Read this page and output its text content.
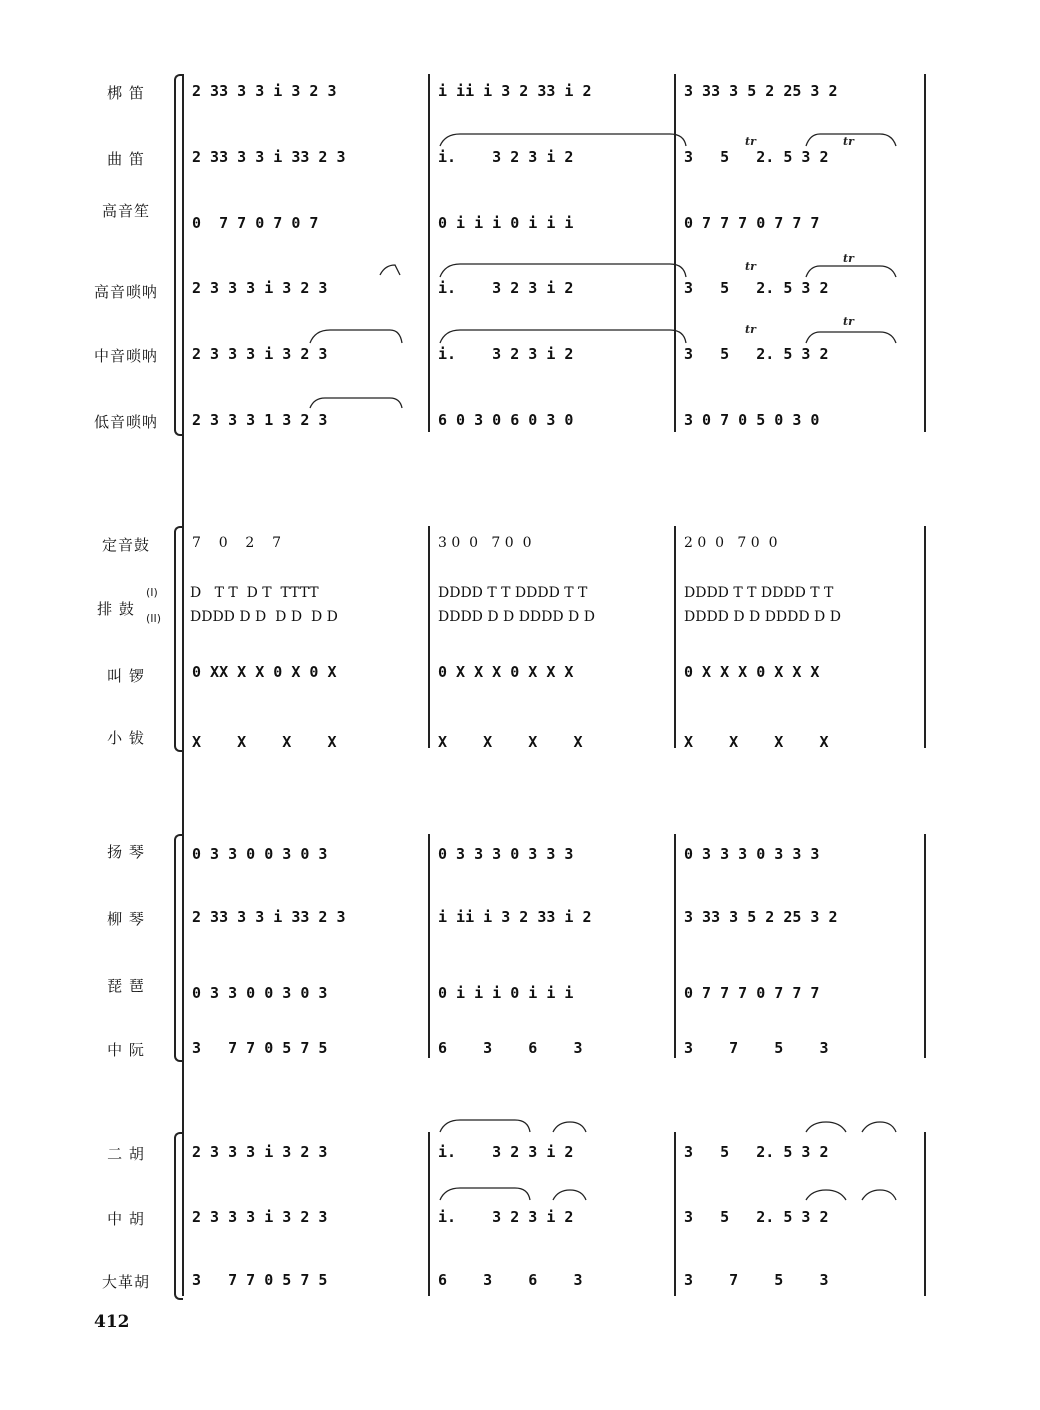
梆 笛
曲 笛
高音笙
高音唢呐
中音唢呐
低音唢呐
2 33 3 3 i 3 2 3	i ii i 3 2 33 i 2	3 33 3 5 2 25 3 2
2 33 3 3 i 33 2 3	i.    3 2 3 i 2	3   5   2. 5 3 2
0  7 7 0 7 0 7	0 i i i 0 i i i	0 7 7 7 0 7 7 7
2 3 3 3 i 3 2 3	i.    3 2 3 i 2	3   5   2. 5 3 2
2 3 3 3 i 3 2 3	i.    3 2 3 i 2	3   5   2. 5 3 2
2 3 3 3 1 3 2 3	6 0 3 0 6 0 3 0	3 0 7 0 5 0 3 0
定音鼓
排 鼓
(I)
(II)
叫 锣
小 钹
7    0    2    7	3 0  0   7 0  0	2 0  0   7 0  0
D   T T  D T  TTTT	DDDD T T DDDD T T	DDDD T T DDDD T T
DDDD D D  D D  D D	DDDD D D DDDD D D	DDDD D D DDDD D D
0 XX X X 0 X 0 X	0 X X X 0 X X X	0 X X X 0 X X X
X    X    X    X	X    X    X    X	X    X    X    X
扬 琴
柳 琴
琵 琶
中 阮
0 3 3 0 0 3 0 3	0 3 3 3 0 3 3 3	0 3 3 3 0 3 3 3
2 33 3 3 i 33 2 3	i ii i 3 2 33 i 2	3 33 3 5 2 25 3 2
0 3 3 0 0 3 0 3	0 i i i 0 i i i	0 7 7 7 0 7 7 7
3   7 7 0 5 7 5	6    3    6    3	3    7    5    3
二 胡
中 胡
大革胡
2 3 3 3 i 3 2 3	i.    3 2 3 i 2	3   5   2. 5 3 2
2 3 3 3 i 3 2 3	i.    3 2 3 i 2	3   5   2. 5 3 2
3   7 7 0 5 7 5	6    3    6    3	3    7    5    3
tr	tr
tr
tr
tr
tr
412
